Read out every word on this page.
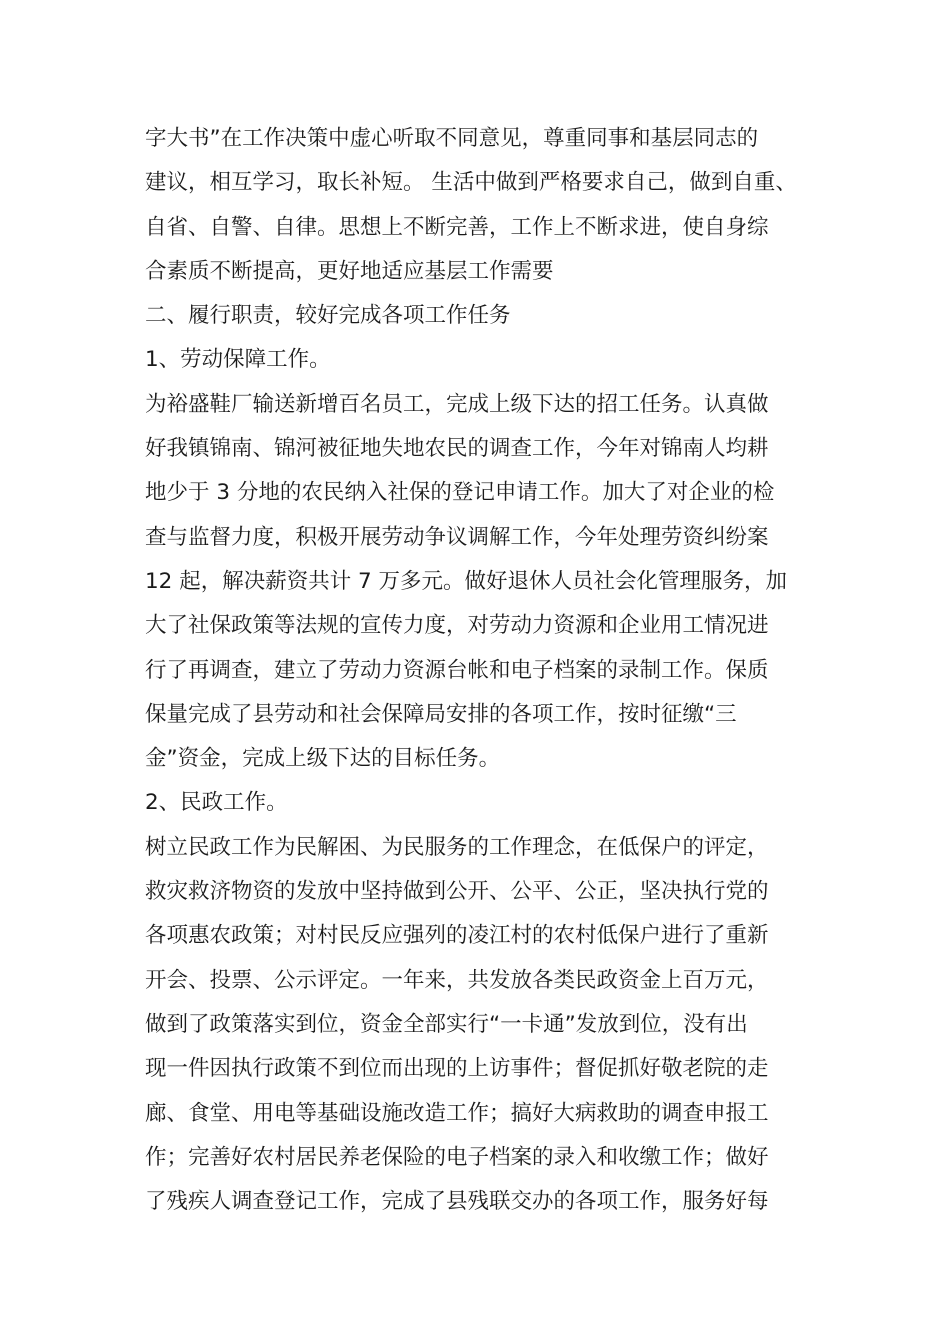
字大书”在工作决策中虚心听取不同意见，尊重同事和基层同志的
建议，相互学习，取长补短。 生活中做到严格要求自己，做到自重、
自省、自警、自律。思想上不断完善，工作上不断求进，使自身综
合素质不断提高，更好地适应基层工作需要
二、履行职责，较好完成各项工作任务
1、劳动保障工作。
为裕盛鞋厂输送新增百名员工，完成上级下达的招工任务。认真做
好我镇锦南、锦河被征地失地农民的调查工作，今年对锦南人均耕
地少于 3 分地的农民纳入社保的登记申请工作。加大了对企业的检
查与监督力度，积极开展劳动争议调解工作，今年处理劳资纠纷案
12 起，解决薪资共计 7 万多元。做好退休人员社会化管理服务，加
大了社保政策等法规的宣传力度，对劳动力资源和企业用工情况进
行了再调查，建立了劳动力资源台帐和电子档案的录制工作。保质
保量完成了县劳动和社会保障局安排的各项工作，按时征缴“三
金”资金，完成上级下达的目标任务。
2、民政工作。
树立民政工作为民解困、为民服务的工作理念，在低保户的评定，
救灾救济物资的发放中坚持做到公开、公平、公正，坚决执行党的
各项惠农政策；对村民反应强列的凌江村的农村低保户进行了重新
开会、投票、公示评定。一年来，共发放各类民政资金上百万元，
做到了政策落实到位，资金全部实行“一卡通”发放到位，没有出
现一件因执行政策不到位而出现的上访事件；督促抓好敬老院的走
廊、食堂、用电等基础设施改造工作；搞好大病救助的调查申报工
作；完善好农村居民养老保险的电子档案的录入和收缴工作；做好
了残疾人调查登记工作，完成了县残联交办的各项工作，服务好每
